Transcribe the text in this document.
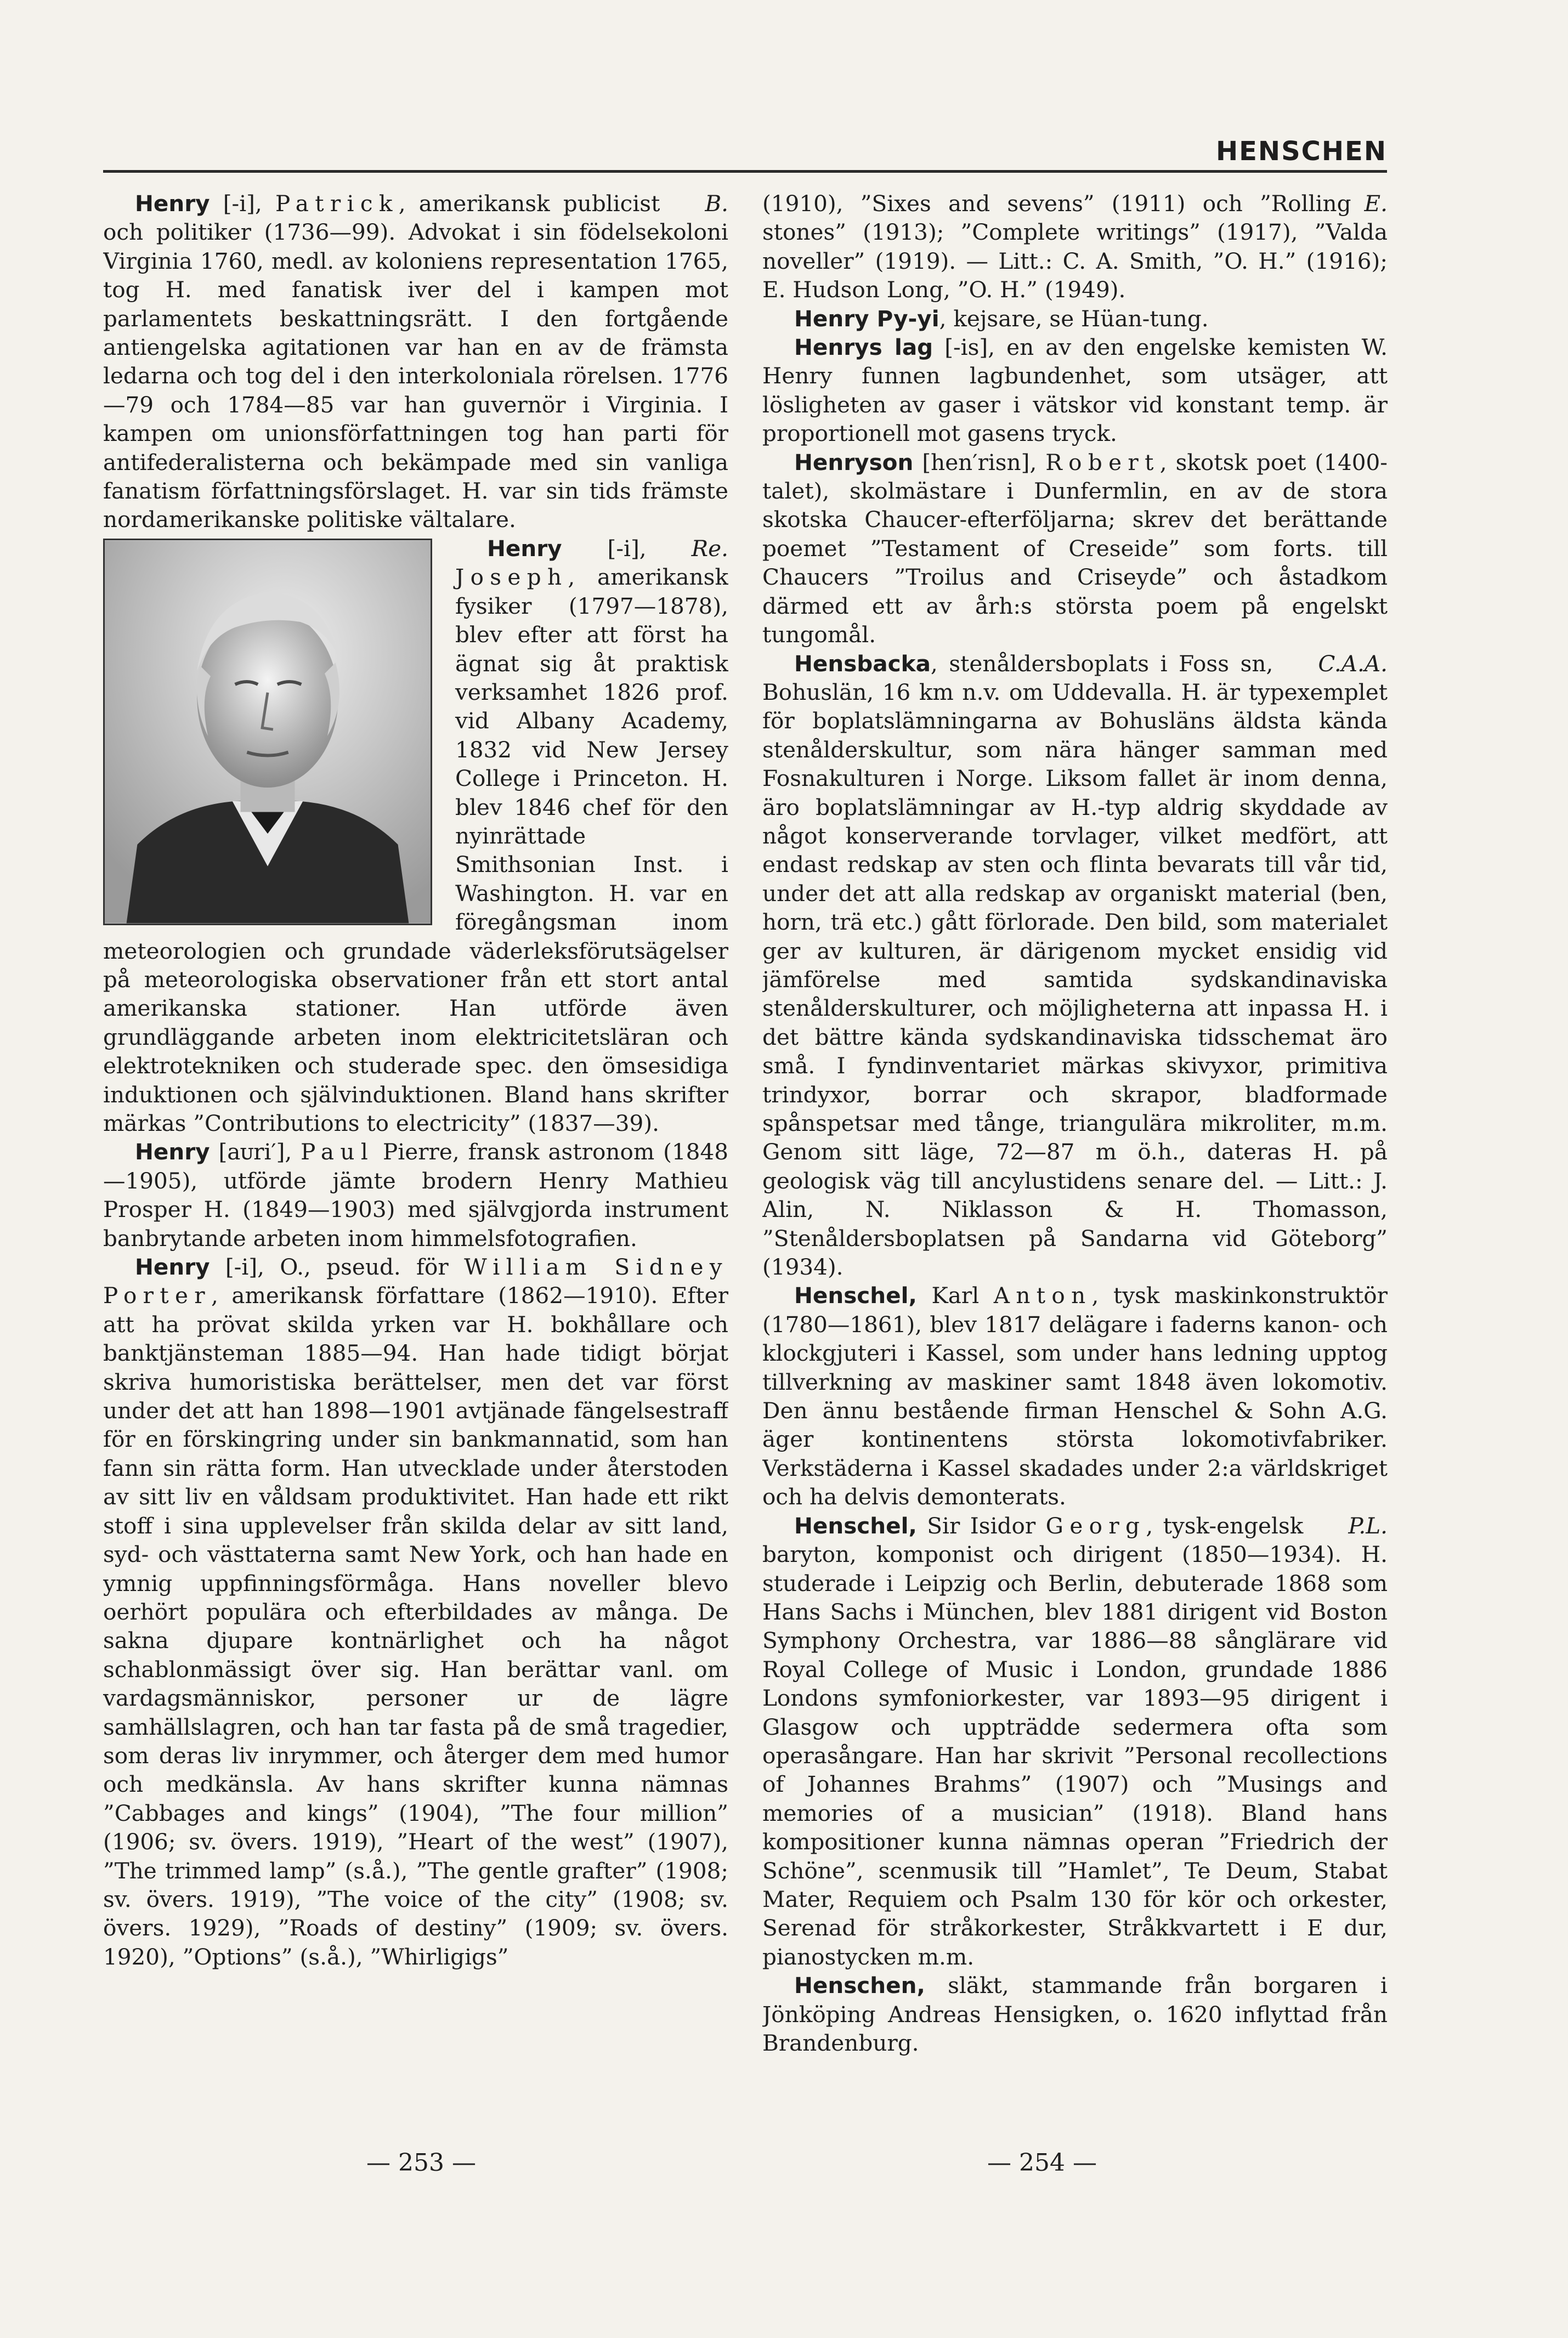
HENSCHEN

B.
Henry [-i], Patrick, amerikansk publicist och politiker (1736—99). Advokat i sin födelsekoloni Virginia 1760, medl. av koloniens representation 1765, tog H. med fanatisk iver del i kampen mot parlamentets beskattningsrätt. I den fortgående antiengelska agitationen var han en av de främsta ledarna och tog del i den interkoloniala rörelsen. 1776—79 och 1784—85 var han guvernör i Virginia. I kampen om unionsförfattningen tog han parti för antifederalisterna och bekämpade med sin vanliga fanatism författningsförslaget. H. var sin tids främste nordamerikanske politiske vältalare.

Re.
Henry [-i], Joseph, amerikansk fysiker (1797—1878), blev efter att först ha ägnat sig åt praktisk verksamhet 1826 prof. vid Albany Academy, 1832 vid New Jersey College i Princeton. H. blev 1846 chef för den nyinrättade Smithsonian Inst. i Washington. H. var en föregångsman inom meteorologien och grundade väderleksförutsägelser på meteorologiska observationer från ett stort antal amerikanska stationer. Han utförde även grundläggande arbeten inom elektricitetsläran och elektrotekniken och studerade spec. den ömsesidiga induktionen och självinduktionen. Bland hans skrifter märkas ”Contributions to electricity” (1837—39).

Henry [aᴜri′], Paul Pierre, fransk astronom (1848—1905), utförde jämte brodern Henry Mathieu Prosper H. (1849—1903) med självgjorda instrument banbrytande arbeten inom himmelsfotografien.

Henry [-i], O., pseud. för William Sidney Porter, amerikansk författare (1862—1910). Efter att ha prövat skilda yrken var H. bokhållare och banktjänsteman 1885—94. Han hade tidigt börjat skriva humoristiska berättelser, men det var först under det att han 1898—1901 avtjänade fängelsestraff för en förskingring under sin bankmannatid, som han fann sin rätta form. Han utvecklade under återstoden av sitt liv en våldsam produktivitet. Han hade ett rikt stoff i sina upplevelser från skilda delar av sitt land, syd- och västtaterna samt New York, och han hade en ymnig uppfinningsförmåga. Hans noveller blevo oerhört populära och efterbildades av många. De sakna djupare kontnärlighet och ha något schablonmässigt över sig. Han berättar vanl. om vardagsmänniskor, personer ur de lägre samhällslagren, och han tar fasta på de små tragedier, som deras liv inrymmer, och återger dem med humor och medkänsla. Av hans skrifter kunna nämnas ”Cabbages and kings” (1904), ”The four million” (1906; sv. övers. 1919), ”Heart of the west” (1907), ”The trimmed lamp” (s.å.), ”The gentle grafter” (1908; sv. övers. 1919), ”The voice of the city” (1908; sv. övers. 1929), ”Roads of destiny” (1909; sv. övers. 1920), ”Options” (s.å.), ”Whirligigs”

E.
(1910), ”Sixes and sevens” (1911) och ”Rolling stones” (1913); ”Complete writings” (1917), ”Valda noveller” (1919). — Litt.: C. A. Smith, ”O. H.” (1916); E. Hudson Long, ”O. H.” (1949).

Henry Py-yi, kejsare, se Hüan-tung.

Henrys lag [-is], en av den engelske kemisten W. Henry funnen lagbundenhet, som utsäger, att lösligheten av gaser i vätskor vid konstant temp. är proportionell mot gasens tryck.

Henryson [hen′risn], Robert, skotsk poet (1400-talet), skolmästare i Dunfermlin, en av de stora skotska Chaucer-efterföljarna; skrev det berättande poemet ”Testament of Creseide” som forts. till Chaucers ”Troilus and Criseyde” och åstadkom därmed ett av årh:s största poem på engelskt tungomål.

C.A.A.
Hensbacka, stenåldersboplats i Foss sn, Bohuslän, 16 km n.v. om Uddevalla. H. är typexemplet för boplatslämningarna av Bohusläns äldsta kända stenålderskultur, som nära hänger samman med Fosnakulturen i Norge. Liksom fallet är inom denna, äro boplatslämningar av H.-typ aldrig skyddade av något konserverande torvlager, vilket medfört, att endast redskap av sten och flinta bevarats till vår tid, under det att alla redskap av organiskt material (ben, horn, trä etc.) gått förlorade. Den bild, som materialet ger av kulturen, är därigenom mycket ensidig vid jämförelse med samtida sydskandinaviska stenålderskulturer, och möjligheterna att inpassa H. i det bättre kända sydskandinaviska tidsschemat äro små. I fyndinventariet märkas skivyxor, primitiva trindyxor, borrar och skrapor, bladformade spånspetsar med tånge, triangulära mikroliter, m.m. Genom sitt läge, 72—87 m ö.h., dateras H. på geologisk väg till ancylustidens senare del. — Litt.: J. Alin, N. Niklasson & H. Thomasson, ”Stenåldersboplatsen på Sandarna vid Göteborg” (1934).

Henschel, Karl Anton, tysk maskinkonstruktör (1780—1861), blev 1817 delägare i faderns kanon- och klockgjuteri i Kassel, som under hans ledning upptog tillverkning av maskiner samt 1848 även lokomotiv. Den ännu bestående firman Henschel & Sohn A.G. äger kontinentens största lokomotivfabriker. Verkstäderna i Kassel skadades under 2:a världskriget och ha delvis demonterats.

P.L.
Henschel, Sir Isidor Georg, tysk-engelsk baryton, komponist och dirigent (1850—1934). H. studerade i Leipzig och Berlin, debuterade 1868 som Hans Sachs i München, blev 1881 dirigent vid Boston Symphony Orchestra, var 1886—88 sånglärare vid Royal College of Music i London, grundade 1886 Londons symfoniorkester, var 1893—95 dirigent i Glasgow och uppträdde sedermera ofta som operasångare. Han har skrivit ”Personal recollections of Johannes Brahms” (1907) och ”Musings and memories of a musician” (1918). Bland hans kompositioner kunna nämnas operan ”Friedrich der Schöne”, scenmusik till ”Hamlet”, Te Deum, Stabat Mater, Requiem och Psalm 130 för kör och orkester, Serenad för stråkorkester, Stråkkvartett i E dur, pianostycken m.m.

Henschen, släkt, stammande från borgaren i Jönköping Andreas Hensigken, o. 1620 inflyttad från Brandenburg.

— 253 —	— 254 —
